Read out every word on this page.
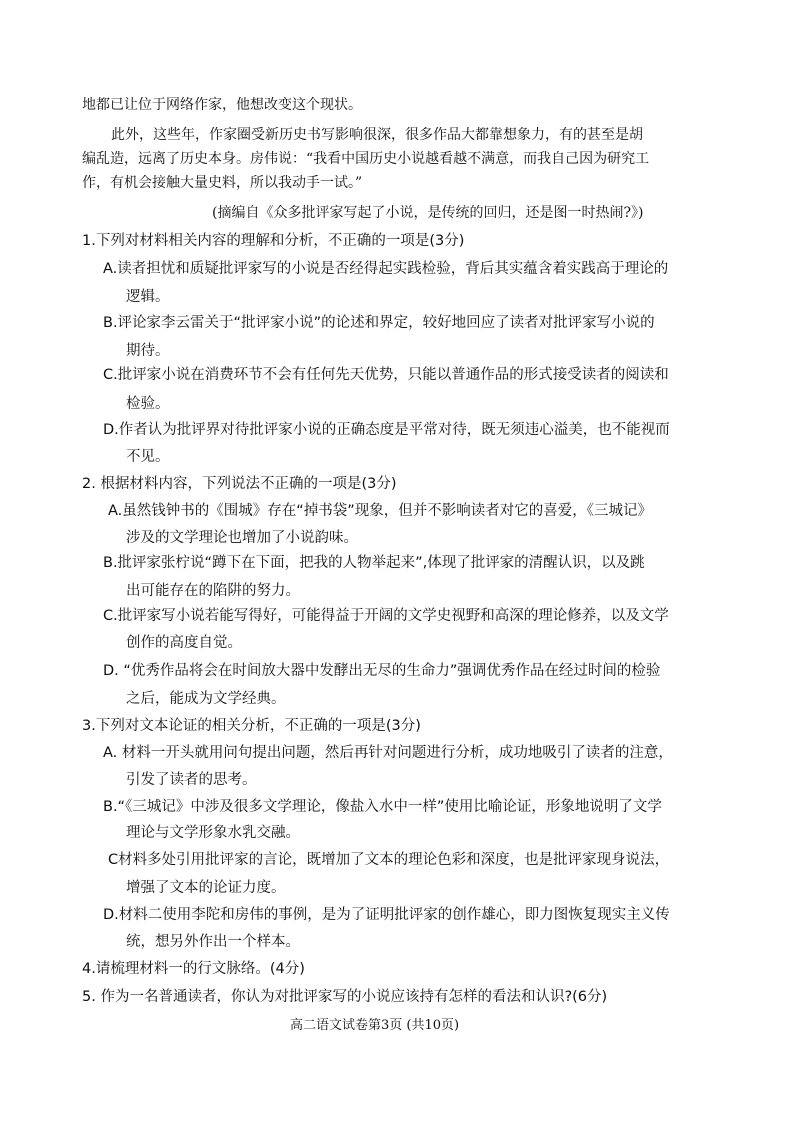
地都已让位于网络作家，他想改变这个现状。
此外，这些年，作家圈受新历史书写影响很深，很多作品大都靠想象力，有的甚至是胡
编乱造，远离了历史本身。房伟说：“我看中国历史小说越看越不满意，而我自己因为研究工
作，有机会接触大量史料，所以我动手一试。”
(摘编自《众多批评家写起了小说，是传统的回归，还是图一时热闹?》)
1.下列对材料相关内容的理解和分析，不正确的一项是(3分)
A.读者担忧和质疑批评家写的小说是否经得起实践检验，背后其实蕴含着实践高于理论的
逻辑。
B.评论家李云雷关于“批评家小说”的论述和界定，较好地回应了读者对批评家写小说的
期待。
C.批评家小说在消费环节不会有任何先天优势，只能以普通作品的形式接受读者的阅读和
检验。
D.作者认为批评界对待批评家小说的正确态度是平常对待，既无须违心溢美，也不能视而
不见。
2. 根据材料内容，下列说法不正确的一项是(3分)
A.虽然钱钟书的《围城》存在“掉书袋”现象，但并不影响读者对它的喜爱，《三城记》
涉及的文学理论也增加了小说韵味。
B.批评家张柠说“蹲下在下面，把我的人物举起来”,体现了批评家的清醒认识，以及跳
出可能存在的陷阱的努力。
C.批评家写小说若能写得好，可能得益于开阔的文学史视野和高深的理论修养，以及文学
创作的高度自觉。
D. “优秀作品将会在时间放大器中发酵出无尽的生命力”强调优秀作品在经过时间的检验
之后，能成为文学经典。
3.下列对文本论证的相关分析，不正确的一项是(3分)
A. 材料一开头就用问句提出问题，然后再针对问题进行分析，成功地吸引了读者的注意，
引发了读者的思考。
B.“《三城记》中涉及很多文学理论，像盐入水中一样”使用比喻论证，形象地说明了文学
理论与文学形象水乳交融。
C材料多处引用批评家的言论，既增加了文本的理论色彩和深度，也是批评家现身说法，
增强了文本的论证力度。
D.材料二使用李陀和房伟的事例，是为了证明批评家的创作雄心，即力图恢复现实主义传
统，想另外作出一个样本。
4.请梳理材料一的行文脉络。(4分)
5. 作为一名普通读者，你认为对批评家写的小说应该持有怎样的看法和认识?(6分)
高二语文试卷第3页 (共10页)
